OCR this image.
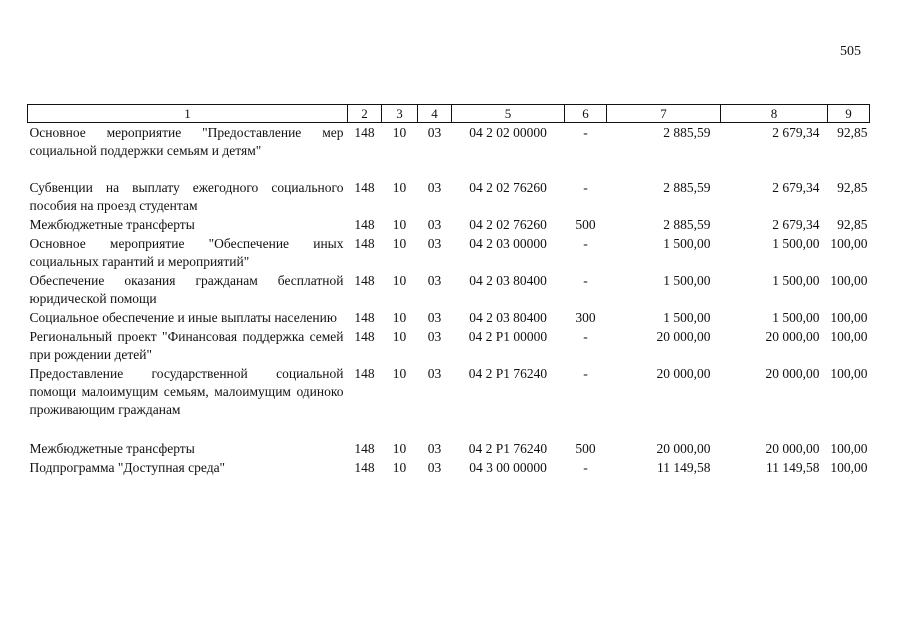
505
1	2	3	4	5	6	7	8	9
Основное мероприятие "Предоставление мер социальной поддержки семьям и детям"	148	10	03	04 2 02 00000	-	2 885,59	2 679,34	92,85
Субвенции на выплату ежегодного социального пособия на проезд студентам	148	10	03	04 2 02 76260	-	2 885,59	2 679,34	92,85
Межбюджетные трансферты	148	10	03	04 2 02 76260	500	2 885,59	2 679,34	92,85
Основное мероприятие "Обеспечение иных социальных гарантий и мероприятий"	148	10	03	04 2 03 00000	-	1 500,00	1 500,00	100,00
Обеспечение оказания гражданам бесплатной юридической помощи	148	10	03	04 2 03 80400	-	1 500,00	1 500,00	100,00
Социальное обеспечение и иные выплаты населению	148	10	03	04 2 03 80400	300	1 500,00	1 500,00	100,00
Региональный проект "Финансовая поддержка семей при рождении детей"	148	10	03	04 2 P1 00000	-	20 000,00	20 000,00	100,00
Предоставление государственной социальной помощи малоимущим семьям, малоимущим одиноко проживающим гражданам	148	10	03	04 2 P1 76240	-	20 000,00	20 000,00	100,00
Межбюджетные трансферты	148	10	03	04 2 P1 76240	500	20 000,00	20 000,00	100,00
Подпрограмма "Доступная среда"	148	10	03	04 3 00 00000	-	11 149,58	11 149,58	100,00
